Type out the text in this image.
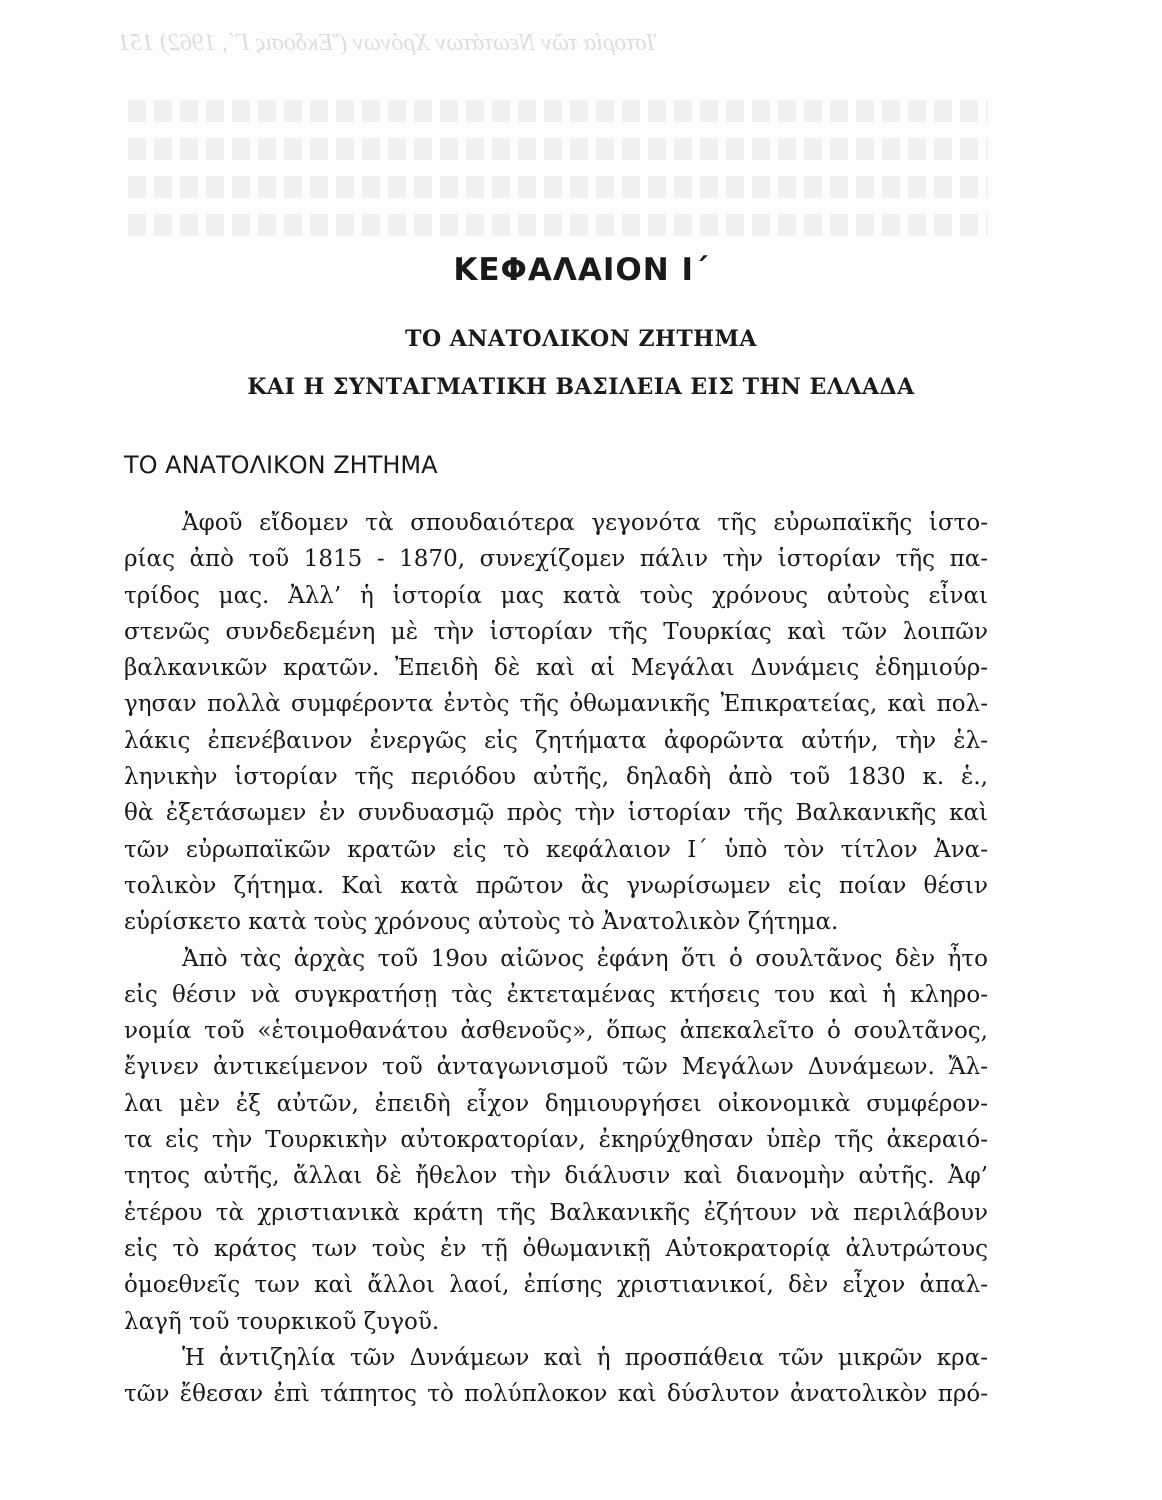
Ἱστορία τῶν Νεωτάτων Χρόνων (Ἔκδοσις Γ΄, 1962) 151
ΚΕΦΑΛΑΙΟΝ Ι΄
ΤΟ ΑΝΑΤΟΛΙΚΟΝ ΖΗΤΗΜΑ
ΚΑΙ Η ΣΥΝΤΑΓΜΑΤΙΚΗ ΒΑΣΙΛΕΙΑ ΕΙΣ ΤΗΝ ΕΛΛΑΔΑ
ΤΟ ΑΝΑΤΟΛΙΚΟΝ ΖΗΤΗΜΑ
Ἀφοῦ εἴδομεν τὰ σπουδαιότερα γεγονότα τῆς εὐρωπαϊκῆς ἱστο-
ρίας ἀπὸ τοῦ 1815 - 1870, συνεχίζομεν πάλιν τὴν ἱστορίαν τῆς πα-
τρίδος μας. Ἀλλ’ ἡ ἱστορία μας κατὰ τοὺς χρόνους αὐτοὺς εἶναι
στενῶς συνδεδεμένη μὲ τὴν ἱστορίαν τῆς Τουρκίας καὶ τῶν λοιπῶν
βαλκανικῶν κρατῶν. Ἐπειδὴ δὲ καὶ αἱ Μεγάλαι Δυνάμεις ἐδημιούρ-
γησαν πολλὰ συμφέροντα ἐντὸς τῆς ὀθωμανικῆς Ἐπικρατείας, καὶ πολ-
λάκις ἐπενέβαινον ἐνεργῶς εἰς ζητήματα ἀφορῶντα αὐτήν, τὴν ἑλ-
ληνικὴν ἱστορίαν τῆς περιόδου αὐτῆς, δηλαδὴ ἀπὸ τοῦ 1830 κ. ἑ.,
θὰ ἐξετάσωμεν ἐν συνδυασμῷ πρὸς τὴν ἱστορίαν τῆς Βαλκανικῆς καὶ
τῶν εὐρωπαϊκῶν κρατῶν εἰς τὸ κεφάλαιον Ι΄ ὑπὸ τὸν τίτλον Ἀνα-
τολικὸν ζήτημα. Καὶ κατὰ πρῶτον ἂς γνωρίσωμεν εἰς ποίαν θέσιν
εὑρίσκετο κατὰ τοὺς χρόνους αὐτοὺς τὸ Ἀνατολικὸν ζήτημα.
Ἀπὸ τὰς ἀρχὰς τοῦ 19ου αἰῶνος ἐφάνη ὅτι ὁ σουλτᾶνος δὲν ἦτο
εἰς θέσιν νὰ συγκρατήσῃ τὰς ἐκτεταμένας κτήσεις του καὶ ἡ κληρο-
νομία τοῦ «ἑτοιμοθανάτου ἀσθενοῦς», ὅπως ἀπεκαλεῖτο ὁ σουλτᾶνος,
ἔγινεν ἀντικείμενον τοῦ ἀνταγωνισμοῦ τῶν Μεγάλων Δυνάμεων. Ἄλ-
λαι μὲν ἐξ αὐτῶν, ἐπειδὴ εἶχον δημιουργήσει οἰκονομικὰ συμφέρον-
τα εἰς τὴν Τουρκικὴν αὐτοκρατορίαν, ἐκηρύχθησαν ὑπὲρ τῆς ἀκεραιό-
τητος αὐτῆς, ἄλλαι δὲ ἤθελον τὴν διάλυσιν καὶ διανομὴν αὐτῆς. Ἀφ’
ἑτέρου τὰ χριστιανικὰ κράτη τῆς Βαλκανικῆς ἐζήτουν νὰ περιλάβουν
εἰς τὸ κράτος των τοὺς ἐν τῇ ὀθωμανικῇ Αὐτοκρατορίᾳ ἀλυτρώτους
ὁμοεθνεῖς των καὶ ἄλλοι λαοί, ἐπίσης χριστιανικοί, δὲν εἶχον ἀπαλ-
λαγῆ τοῦ τουρκικοῦ ζυγοῦ.
Ἡ ἀντιζηλία τῶν Δυνάμεων καὶ ἡ προσπάθεια τῶν μικρῶν κρα-
τῶν ἔθεσαν ἐπὶ τάπητος τὸ πολύπλοκον καὶ δύσλυτον ἀνατολικὸν πρό-
